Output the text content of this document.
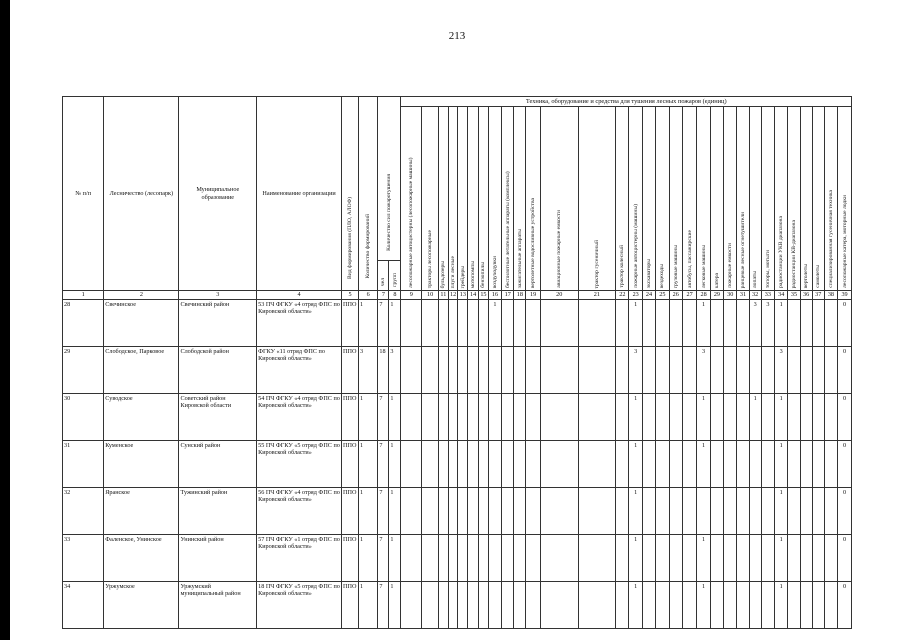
213
№ п/п	Лесничество (лесопарк)	Муниципальное образование	Наименование организации	Вид формирования (ПЛО, АЛОФ)	Количество формирований	Количество сил пожаротушения		Техника, оборудование и средства для тушения лесных пожаров (единиц)																														

								лесопожарные автоцистерны (лесопожарные машины)	тракторы лесопожарные	бульдозеры	плуги лесные	грейдеры	мотопомпы	бензопилы	воздуходувки	беспилотные летательные аппараты (комплексы)	зажигательные аппараты	вертолетные водосливные устройства	авиационные пожарные емкости	трактор гусеничный	трактор колесный	пожарные автоцистерны (машины)	экскаваторы	вездеходы	грузовые машины	автобусы, пассажирские	легковые машины	катера	пожарные емкости	ранцевые лесные огнетушители	лопаты	топоры, мотыги	радиостанции УКВ диапазона	радиостанции КВ-диапазона	вертолеты	самолеты	специализированная гусеничная техника	лесопожарные катера, моторные лодки

						чел	групп																															

1	2	3	4	5	6	7	8	9	10	11	12	13	14	15	16	17	18	19	20	21	22	23	24	25	26	27	28	29	30	31	32	33	34	35	36	37	38	39
28	Свечинское	Свечинский район	53 ПЧ ФГКУ «4 отряд ФПС по Кировской области»	ППО	1	7	1								1							1					1				3	3	1					0
29	Слободское, Парковое	Слободской район	ФГКУ «11 отряд ФПС по Кировской области»	ППО	3	18	3															3					3						3					0
30	Суводское	Советский район Кировской области	54 ПЧ ФГКУ «4 отряд ФПС по Кировской области»	ППО	1	7	1															1					1				1		1					0
31	Куменское	Сунский район	55 ПЧ ФГКУ «5 отряд ФПС по Кировской области»	ППО	1	7	1															1					1						1					0
32	Яранское	Тужинский район	56 ПЧ ФГКУ «4 отряд ФПС по Кировской области»	ППО	1	7	1															1											1					0
33	Фаленское, Унинское	Унинский район	57 ПЧ ФГКУ «1 отряд ФПС по Кировской области»	ППО	1	7	1															1					1						1					0
34	Уржумское	Уржумский муниципальный район	18 ПЧ ФГКУ «5 отряд ФПС по Кировской области»	ППО	1	7	1															1					1						1					0
